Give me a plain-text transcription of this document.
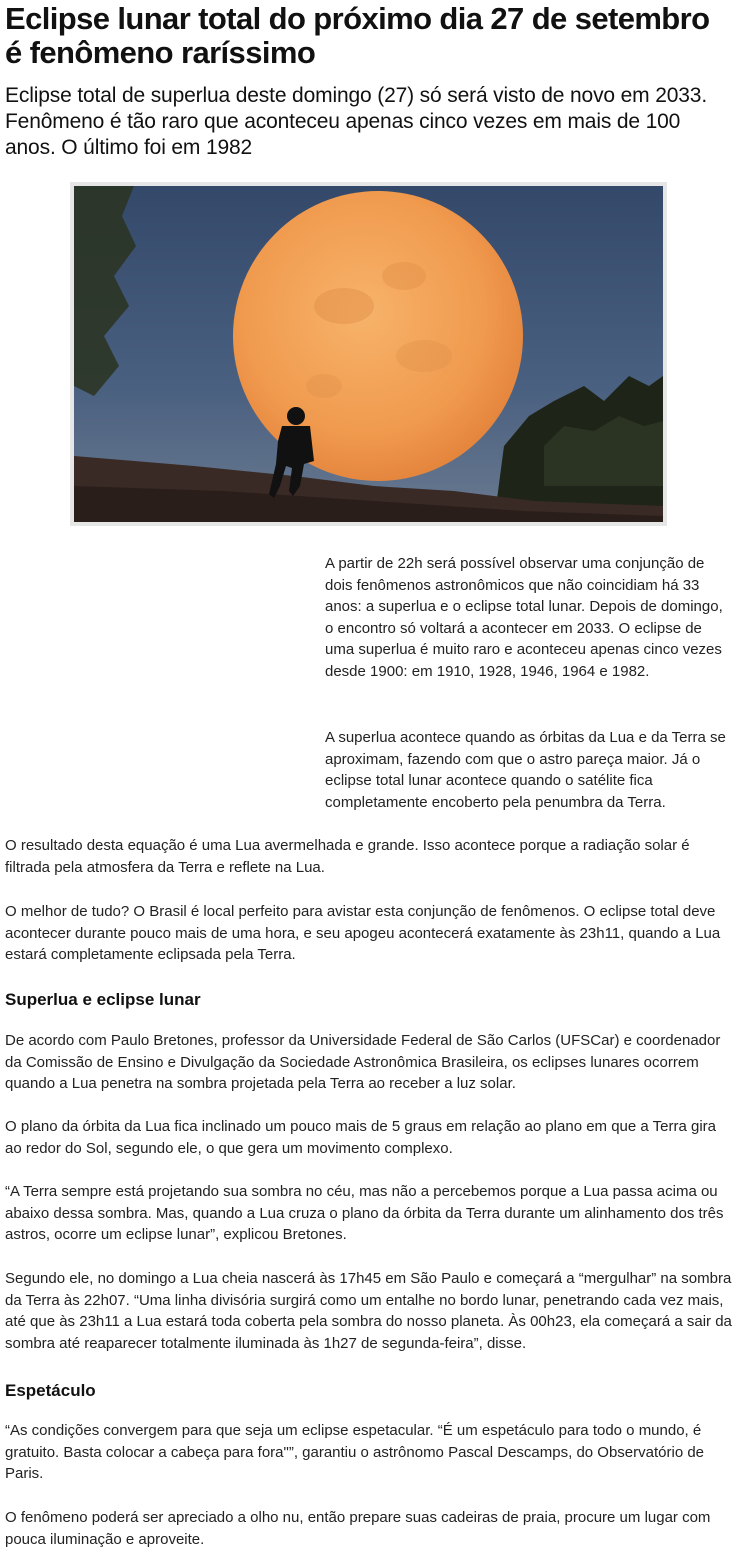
Eclipse lunar total do próximo dia 27 de setembro é fenômeno raríssimo
Eclipse total de superlua deste domingo (27) só será visto de novo em 2033. Fenômeno é tão raro que aconteceu apenas cinco vezes em mais de 100 anos. O último foi em 1982
A partir de 22h será possível observar uma conjunção de dois fenômenos astronômicos que não coincidiam há 33 anos: a superlua e o eclipse total lunar. Depois de domingo, o encontro só voltará a acontecer em 2033. O eclipse de uma superlua é muito raro e aconteceu apenas cinco vezes desde 1900: em 1910, 1928, 1946, 1964 e 1982.
A superlua acontece quando as órbitas da Lua e da Terra se aproximam, fazendo com que o astro pareça maior. Já o eclipse total lunar acontece quando o satélite fica completamente encoberto pela penumbra da Terra.
O resultado desta equação é uma Lua avermelhada e grande. Isso acontece porque a radiação solar é filtrada pela atmosfera da Terra e reflete na Lua.
O melhor de tudo? O Brasil é local perfeito para avistar esta conjunção de fenômenos. O eclipse total deve acontecer durante pouco mais de uma hora, e seu apogeu acontecerá exatamente às 23h11, quando a Lua estará completamente eclipsada pela Terra.
Superlua e eclipse lunar
De acordo com Paulo Bretones, professor da Universidade Federal de São Carlos (UFSCar) e coordenador da Comissão de Ensino e Divulgação da Sociedade Astronômica Brasileira, os eclipses lunares ocorrem quando a Lua penetra na sombra projetada pela Terra ao receber a luz solar.
O plano da órbita da Lua fica inclinado um pouco mais de 5 graus em relação ao plano em que a Terra gira ao redor do Sol, segundo ele, o que gera um movimento complexo.
“A Terra sempre está projetando sua sombra no céu, mas não a percebemos porque a Lua passa acima ou abaixo dessa sombra. Mas, quando a Lua cruza o plano da órbita da Terra durante um alinhamento dos três astros, ocorre um eclipse lunar”, explicou Bretones.
Segundo ele, no domingo a Lua cheia nascerá às 17h45 em São Paulo e começará a “mergulhar” na sombra da Terra às 22h07. “Uma linha divisória surgirá como um entalhe no bordo lunar, penetrando cada vez mais, até que às 23h11 a Lua estará toda coberta pela sombra do nosso planeta. Às 00h23, ela começará a sair da sombra até reaparecer totalmente iluminada às 1h27 de segunda-feira”, disse.
Espetáculo
“As condições convergem para que seja um eclipse espetacular. “É um espetáculo para todo o mundo, é gratuito. Basta colocar a cabeça para fora"”, garantiu o astrônomo Pascal Descamps, do Observatório de Paris.
O fenômeno poderá ser apreciado a olho nu, então prepare suas cadeiras de praia, procure um lugar com pouca iluminação e aproveite.
